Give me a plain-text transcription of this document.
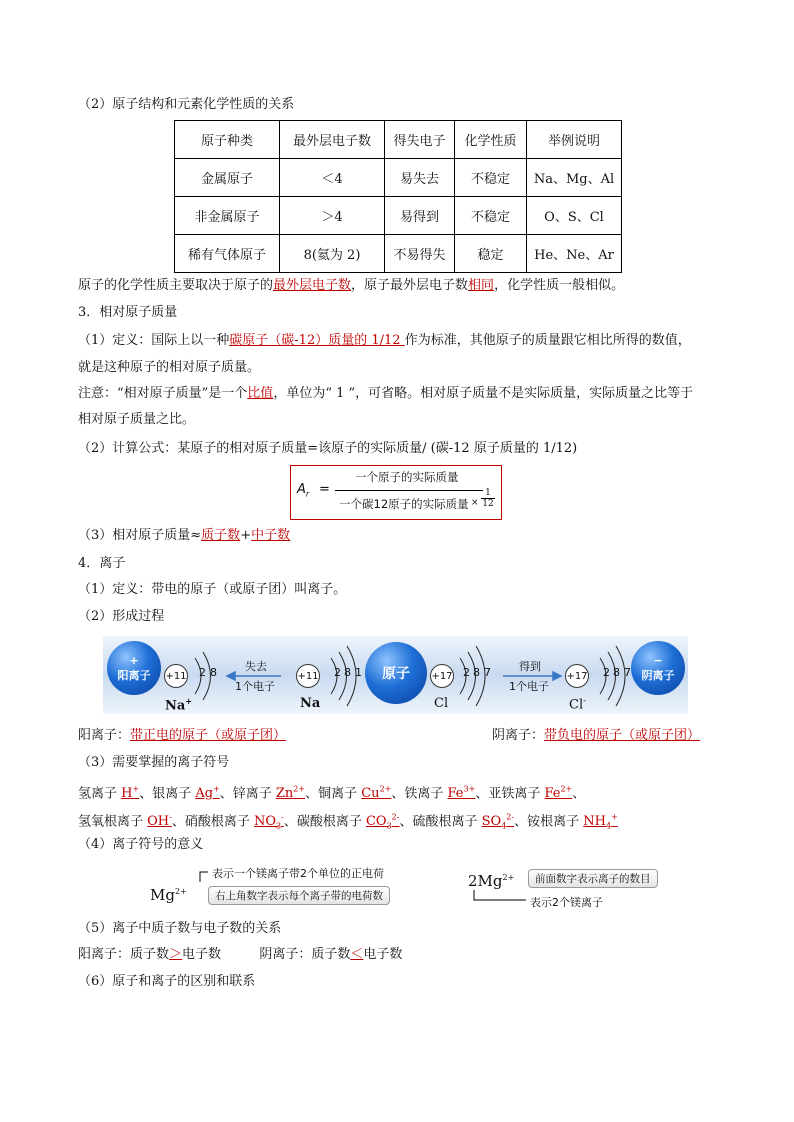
（2）原子结构和元素化学性质的关系
原子种类	最外层电子数	得失电子	化学性质	举例说明
金属原子	＜4	易失去	不稳定	Na、Mg、Al
非金属原子	＞4	易得到	不稳定	O、S、Cl
稀有气体原子	8(氦为 2)	不易得失	稳定	He、Ne、Ar
原子的化学性质主要取决于原子的最外层电子数，原子最外层电子数相同，化学性质一般相似。
3．相对原子质量
（1）定义：国际上以一种碳原子（碳-12）质量的 1/12 作为标准，其他原子的质量跟它相比所得的数值，
就是这种原子的相对原子质量。
注意：“相对原子质量”是一个比值，单位为“ 1 ”，可省略。相对原子质量不是实际质量，实际质量之比等于
相对原子质量之比。
（2）计算公式：某原子的相对原子质量=该原子的实际质量/ (碳-12 原子质量的 1/12)
$A_r$ =
一个原子的实际质量
一个碳12原子的实际质量 × $\frac{1}{12}$
（3）相对原子质量≈质子数+中子数
4．离子
（1）定义：带电的原子（或原子团）叫离子。
（2）形成过程
+
阳离子 +11 2 8
Na+
失去
1个电子
+11 2 8 1
Na
原子 +17 2 8 7
Cl
得到
1个电子
+17 2 8 7
Cl-
−
阴离子
阳离子：带正电的原子（或原子团）	阴离子：带负电的原子（或原子团）
（3）需要掌握的离子符号
氢离子 H+、银离子 Ag+、锌离子 $Zn^{2+}$、铜离子 $Cu^{2+}$、铁离子 $Fe^{3+}$、亚铁离子 $Fe^{2+}$、
氢氧根离子 OH-、硝酸根离子 $NO_3^-$、碳酸根离子 $CO_3^{2-}$、硫酸根离子 $SO_4^{2-}$、铵根离子 $NH_4^+$
（4）离子符号的意义
$Mg^{2+}$
表示一个镁离子带2个单位的正电荷
右上角数字表示每个离子带的电荷数
$2Mg^{2+}$	前面数字表示离子的数目
表示2个镁离子
（5）离子中质子数与电子数的关系
阳离子：质子数＞电子数	阴离子：质子数＜电子数
（6）原子和离子的区别和联系
